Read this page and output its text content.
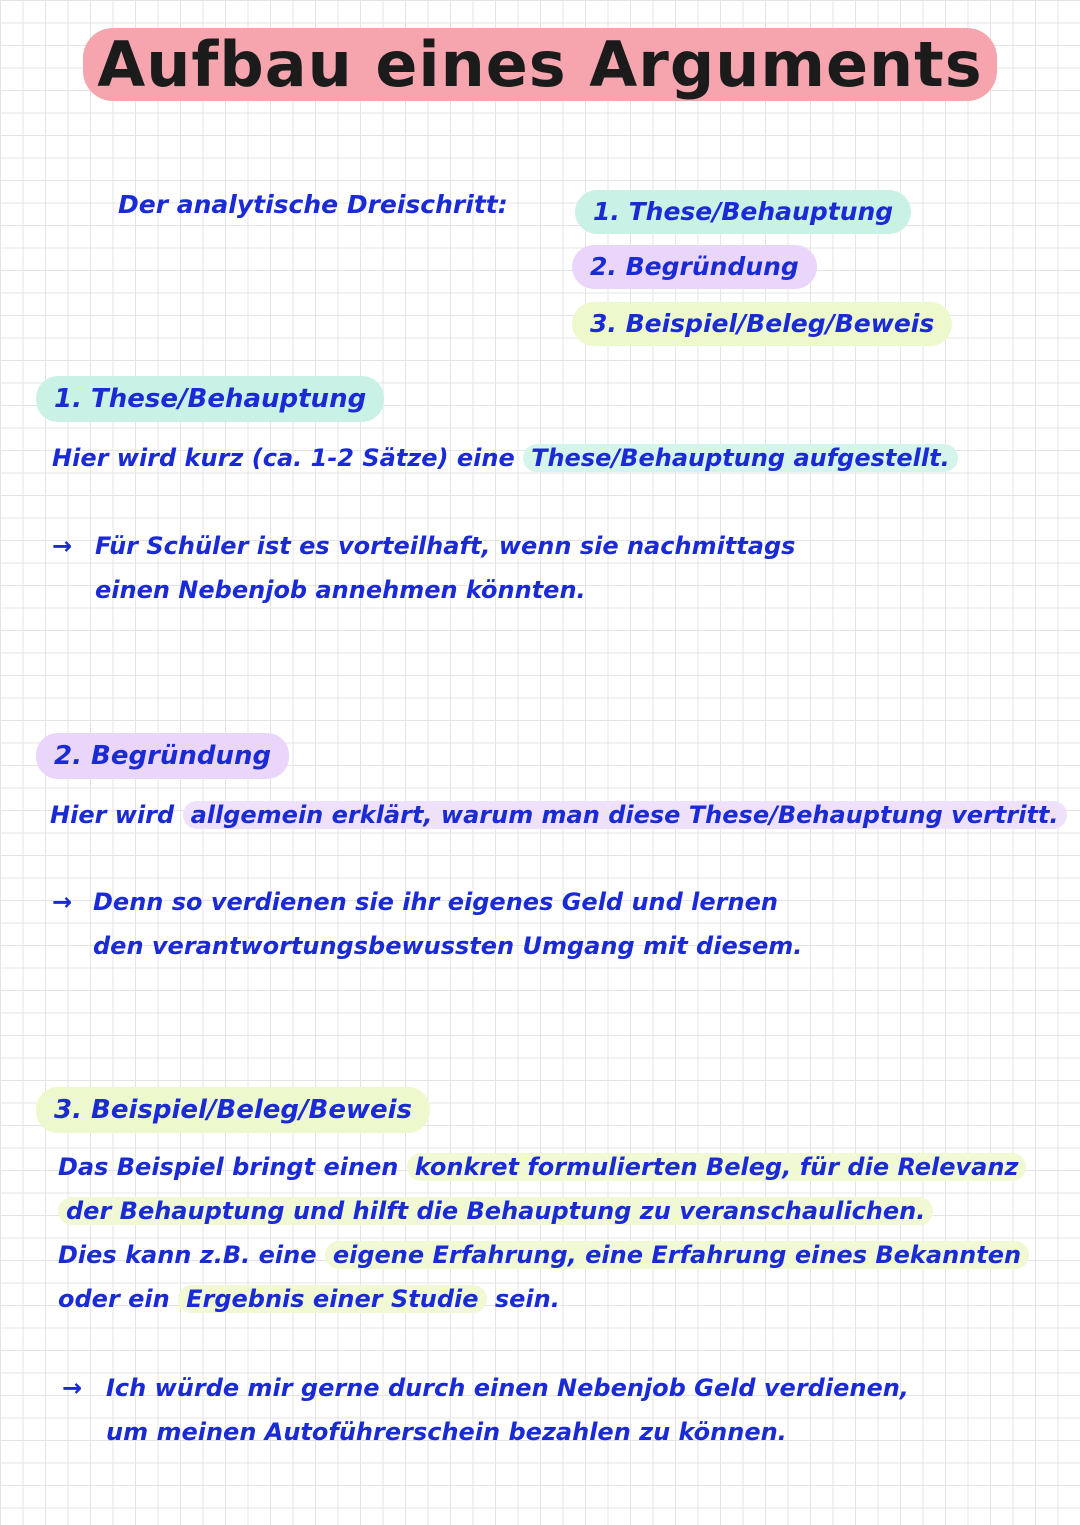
Aufbau eines Arguments
Der analytische Dreischritt:	1. These/Behauptung
2. Begründung
3. Beispiel/Beleg/Beweis
1. These/Behauptung
Hier wird kurz (ca. 1-2 Sätze) eine These/Behauptung aufgestellt.
→ Für Schüler ist es vorteilhaft, wenn sie nachmittags
einen Nebenjob annehmen könnten.
2. Begründung
Hier wird allgemein erklärt, warum man diese These/Behauptung vertritt.
→ Denn so verdienen sie ihr eigenes Geld und lernen
den verantwortungsbewussten Umgang mit diesem.
3. Beispiel/Beleg/Beweis
Das Beispiel bringt einen konkret formulierten Beleg, für die Relevanz
der Behauptung und hilft die Behauptung zu veranschaulichen.
Dies kann z.B. eine eigene Erfahrung, eine Erfahrung eines Bekannten
oder ein Ergebnis einer Studie sein.
→ Ich würde mir gerne durch einen Nebenjob Geld verdienen,
um meinen Autoführerschein bezahlen zu können.
